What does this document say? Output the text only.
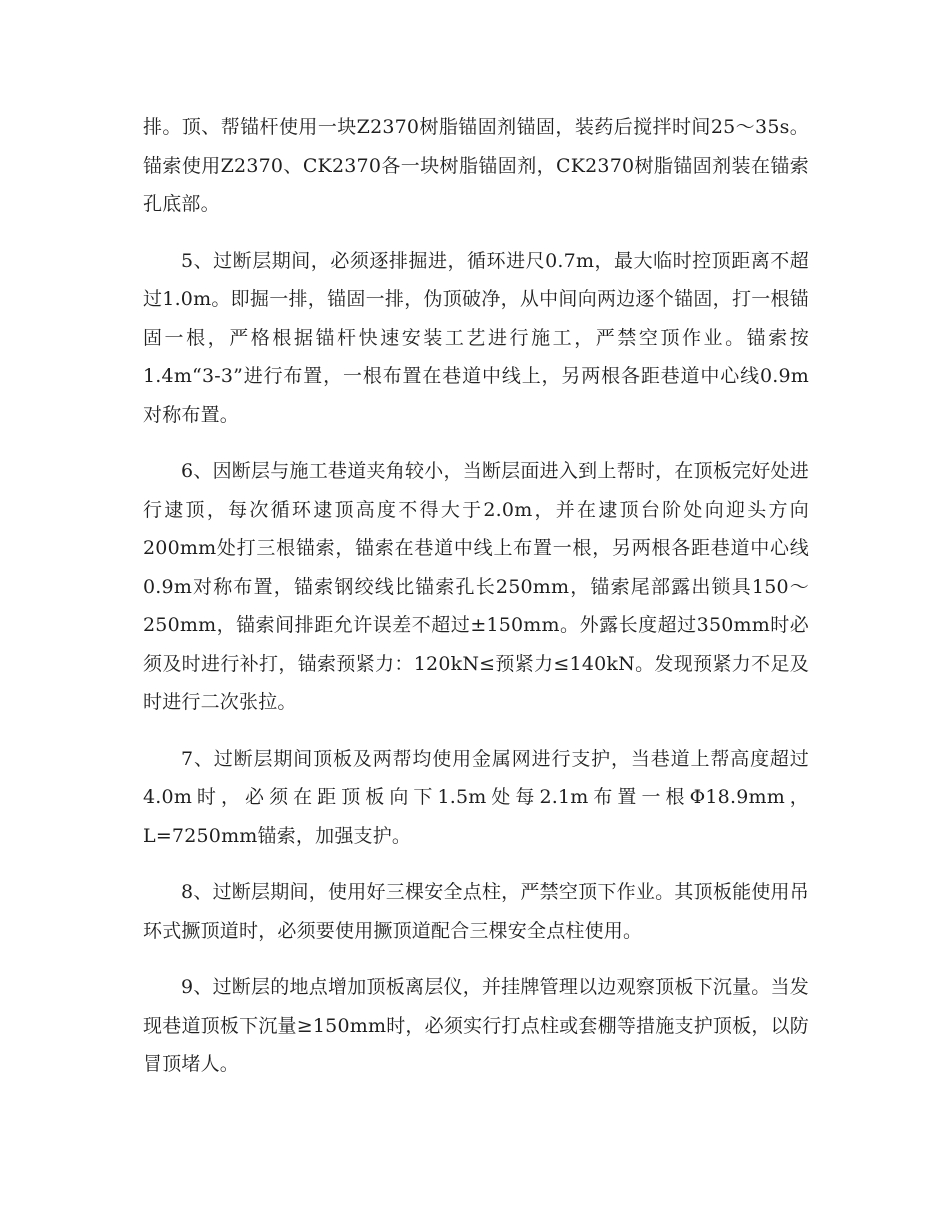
排。顶、帮锚杆使用一块Z2370树脂锚固剂锚固，装药后搅拌时间25～35s。锚索使用Z2370、CK2370各一块树脂锚固剂，CK2370树脂锚固剂装在锚索孔底部。

5、过断层期间，必须逐排掘进，循环进尺0.7m，最大临时控顶距离不超过1.0m。即掘一排，锚固一排，伪顶破净，从中间向两边逐个锚固，打一根锚固一根，严格根据锚杆快速安装工艺进行施工，严禁空顶作业。锚索按1.4m“3-3”进行布置，一根布置在巷道中线上，另两根各距巷道中心线0.9m对称布置。

6、因断层与施工巷道夹角较小，当断层面进入到上帮时，在顶板完好处进行逮顶，每次循环逮顶高度不得大于2.0m，并在逮顶台阶处向迎头方向200mm处打三根锚索，锚索在巷道中线上布置一根，另两根各距巷道中心线0.9m对称布置，锚索钢绞线比锚索孔长250mm，锚索尾部露出锁具150～250mm，锚索间排距允许误差不超过±150mm。外露长度超过350mm时必须及时进行补打，锚索预紧力：120kN≤预紧力≤140kN。发现预紧力不足及时进行二次张拉。

7、过断层期间顶板及两帮均使用金属网进行支护，当巷道上帮高度超过4.0m时，必须在距顶板向下1.5m处每2.1m布置一根Φ18.9mm，L=7250mm锚索，加强支护。

8、过断层期间，使用好三棵安全点柱，严禁空顶下作业。其顶板能使用吊环式撅顶道时，必须要使用撅顶道配合三棵安全点柱使用。

9、过断层的地点增加顶板离层仪，并挂牌管理以边观察顶板下沉量。当发现巷道顶板下沉量≥150mm时，必须实行打点柱或套棚等措施支护顶板，以防冒顶堵人。
